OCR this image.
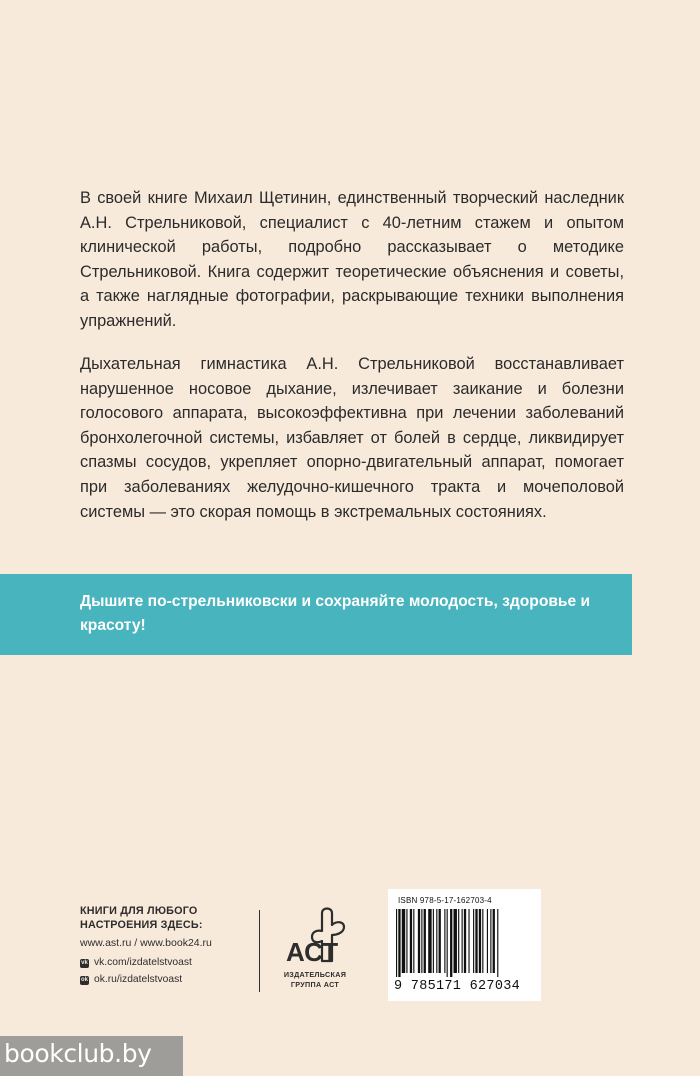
В своей книге Михаил Щетинин, единственный творческий наследник А.Н. Стрельниковой, специалист с 40-летним стажем и опытом клинической работы, подробно рассказывает о методике Стрельниковой. Книга содержит теоретические объяснения и советы, а также наглядные фотографии, раскрывающие техники выполнения упражнений.

Дыхательная гимнастика А.Н. Стрельниковой восстанавливает нарушенное носовое дыхание, излечивает заикание и болезни голосового аппарата, высокоэффективна при лечении заболеваний бронхолегочной системы, избавляет от болей в сердце, ликвидирует спазмы сосудов, укрепляет опорно-двигательный аппарат, помогает при заболеваниях желудочно-кишечного тракта и мочеполовой системы — это скорая помощь в экстремальных состояниях.

Дышите по-стрельниковски и сохраняйте молодость, здоровье и красоту!

КНИГИ ДЛЯ ЛЮБОГО
НАСТРОЕНИЯ ЗДЕСЬ:
www.ast.ru / www.book24.ru
vk vk.com/izdatelstvoast
ok ok.ru/izdatelstvoast
АСТ
ИЗДАТЕЛЬСКАЯ
ГРУППА АСТ
ISBN 978-5-17-162703-4
9 785171 627034
bookclub.by
